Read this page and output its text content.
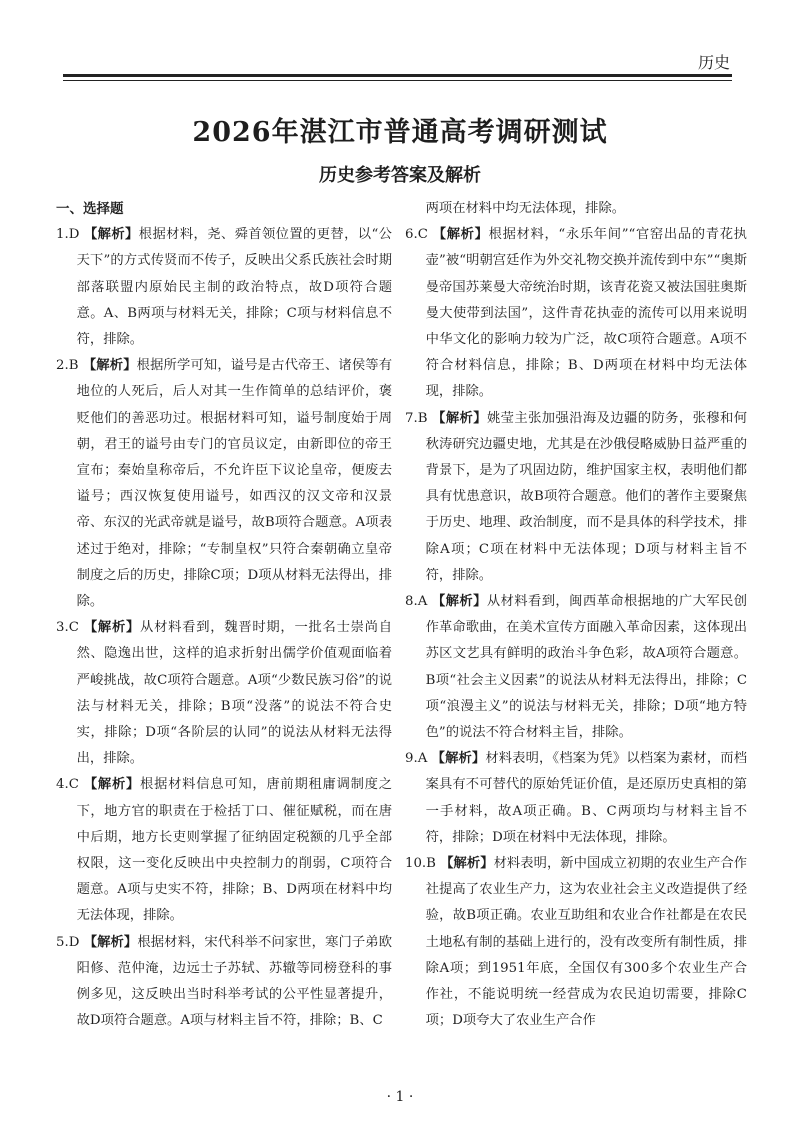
历史
2026年湛江市普通高考调研测试
历史参考答案及解析
一、选择题

1.D 【解析】根据材料，尧、舜首领位置的更替，以“公天下”的方式传贤而不传子，反映出父系氏族社会时期部落联盟内原始民主制的政治特点，故D项符合题意。A、B两项与材料无关，排除；C项与材料信息不符，排除。

2.B 【解析】根据所学可知，谥号是古代帝王、诸侯等有地位的人死后，后人对其一生作简单的总结评价，褒贬他们的善恶功过。根据材料可知，谥号制度始于周朝，君王的谥号由专门的官员议定，由新即位的帝王宣布；秦始皇称帝后，不允许臣下议论皇帝，便废去谥号；西汉恢复使用谥号，如西汉的汉文帝和汉景帝、东汉的光武帝就是谥号，故B项符合题意。A项表述过于绝对，排除；“专制皇权”只符合秦朝确立皇帝制度之后的历史，排除C项；D项从材料无法得出，排除。

3.C 【解析】从材料看到，魏晋时期，一批名士崇尚自然、隐逸出世，这样的追求折射出儒学价值观面临着严峻挑战，故C项符合题意。A项“少数民族习俗”的说法与材料无关，排除；B项“没落”的说法不符合史实，排除；D项“各阶层的认同”的说法从材料无法得出，排除。

4.C 【解析】根据材料信息可知，唐前期租庸调制度之下，地方官的职责在于检括丁口、催征赋税，而在唐中后期，地方长吏则掌握了征纳固定税额的几乎全部权限，这一变化反映出中央控制力的削弱，C项符合题意。A项与史实不符，排除；B、D两项在材料中均无法体现，排除。

5.D 【解析】根据材料，宋代科举不问家世，寒门子弟欧阳修、范仲淹，边远士子苏轼、苏辙等同榜登科的事例多见，这反映出当时科举考试的公平性显著提升，故D项符合题意。A项与材料主旨不符，排除；B、C

两项在材料中均无法体现，排除。

6.C 【解析】根据材料，“永乐年间”“官窑出品的青花执壶”被“明朝宫廷作为外交礼物交换并流传到中东”“奥斯曼帝国苏莱曼大帝统治时期，该青花瓷又被法国驻奥斯曼大使带到法国”，这件青花执壶的流传可以用来说明中华文化的影响力较为广泛，故C项符合题意。A项不符合材料信息，排除；B、D两项在材料中均无法体现，排除。

7.B 【解析】姚莹主张加强沿海及边疆的防务，张穆和何秋涛研究边疆史地，尤其是在沙俄侵略威胁日益严重的背景下，是为了巩固边防，维护国家主权，表明他们都具有忧患意识，故B项符合题意。他们的著作主要聚焦于历史、地理、政治制度，而不是具体的科学技术，排除A项；C项在材料中无法体现；D项与材料主旨不符，排除。

8.A 【解析】从材料看到，闽西革命根据地的广大军民创作革命歌曲，在美术宣传方面融入革命因素，这体现出苏区文艺具有鲜明的政治斗争色彩，故A项符合题意。B项“社会主义因素”的说法从材料无法得出，排除；C项“浪漫主义”的说法与材料无关，排除；D项“地方特色”的说法不符合材料主旨，排除。

9.A 【解析】材料表明，《档案为凭》以档案为素材，而档案具有不可替代的原始凭证价值，是还原历史真相的第一手材料，故A项正确。B、C两项均与材料主旨不符，排除；D项在材料中无法体现，排除。

10.B 【解析】材料表明，新中国成立初期的农业生产合作社提高了农业生产力，这为农业社会主义改造提供了经验，故B项正确。农业互助组和农业合作社都是在农民土地私有制的基础上进行的，没有改变所有制性质，排除A项；到1951年底，全国仅有300多个农业生产合作社，不能说明统一经营成为农民迫切需要，排除C项；D项夸大了农业生产合作

· 1 ·
